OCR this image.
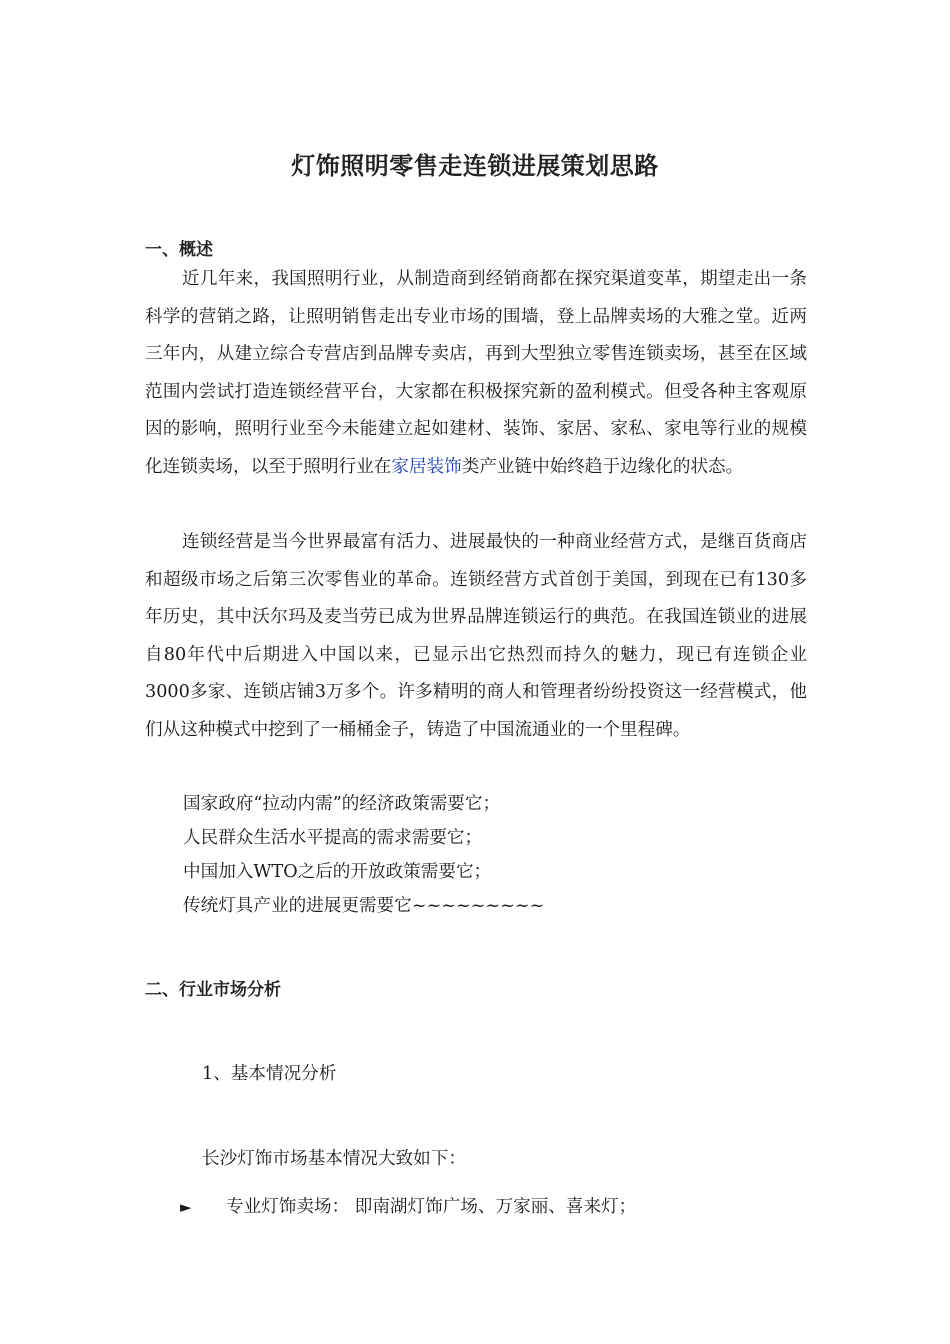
灯饰照明零售走连锁进展策划思路
一、概述

近几年来，我国照明行业，从制造商到经销商都在探究渠道变革，期望走出一条科学的营销之路，让照明销售走出专业市场的围墙，登上品牌卖场的大雅之堂。近两三年内，从建立综合专营店到品牌专卖店，再到大型独立零售连锁卖场，甚至在区域范围内尝试打造连锁经营平台，大家都在积极探究新的盈利模式。但受各种主客观原因的影响，照明行业至今未能建立起如建材、装饰、家居、家私、家电等行业的规模化连锁卖场，以至于照明行业在家居装饰类产业链中始终趋于边缘化的状态。

连锁经营是当今世界最富有活力、进展最快的一种商业经营方式，是继百货商店和超级市场之后第三次零售业的革命。连锁经营方式首创于美国，到现在已有130多年历史，其中沃尔玛及麦当劳已成为世界品牌连锁运行的典范。在我国连锁业的进展自80年代中后期进入中国以来，已显示出它热烈而持久的魅力，现已有连锁企业3000多家、连锁店铺3万多个。许多精明的商人和管理者纷纷投资这一经营模式，他们从这种模式中挖到了一桶桶金子，铸造了中国流通业的一个里程碑。

国家政府“拉动内需”的经济政策需要它；
人民群众生活水平提高的需求需要它；
中国加入WTO之后的开放政策需要它；
传统灯具产业的进展更需要它~~~~~~~~~
二、行业市场分析
1、基本情况分析
长沙灯饰市场基本情况大致如下：
► 专业灯饰卖场： 即南湖灯饰广场、万家丽、喜来灯；
